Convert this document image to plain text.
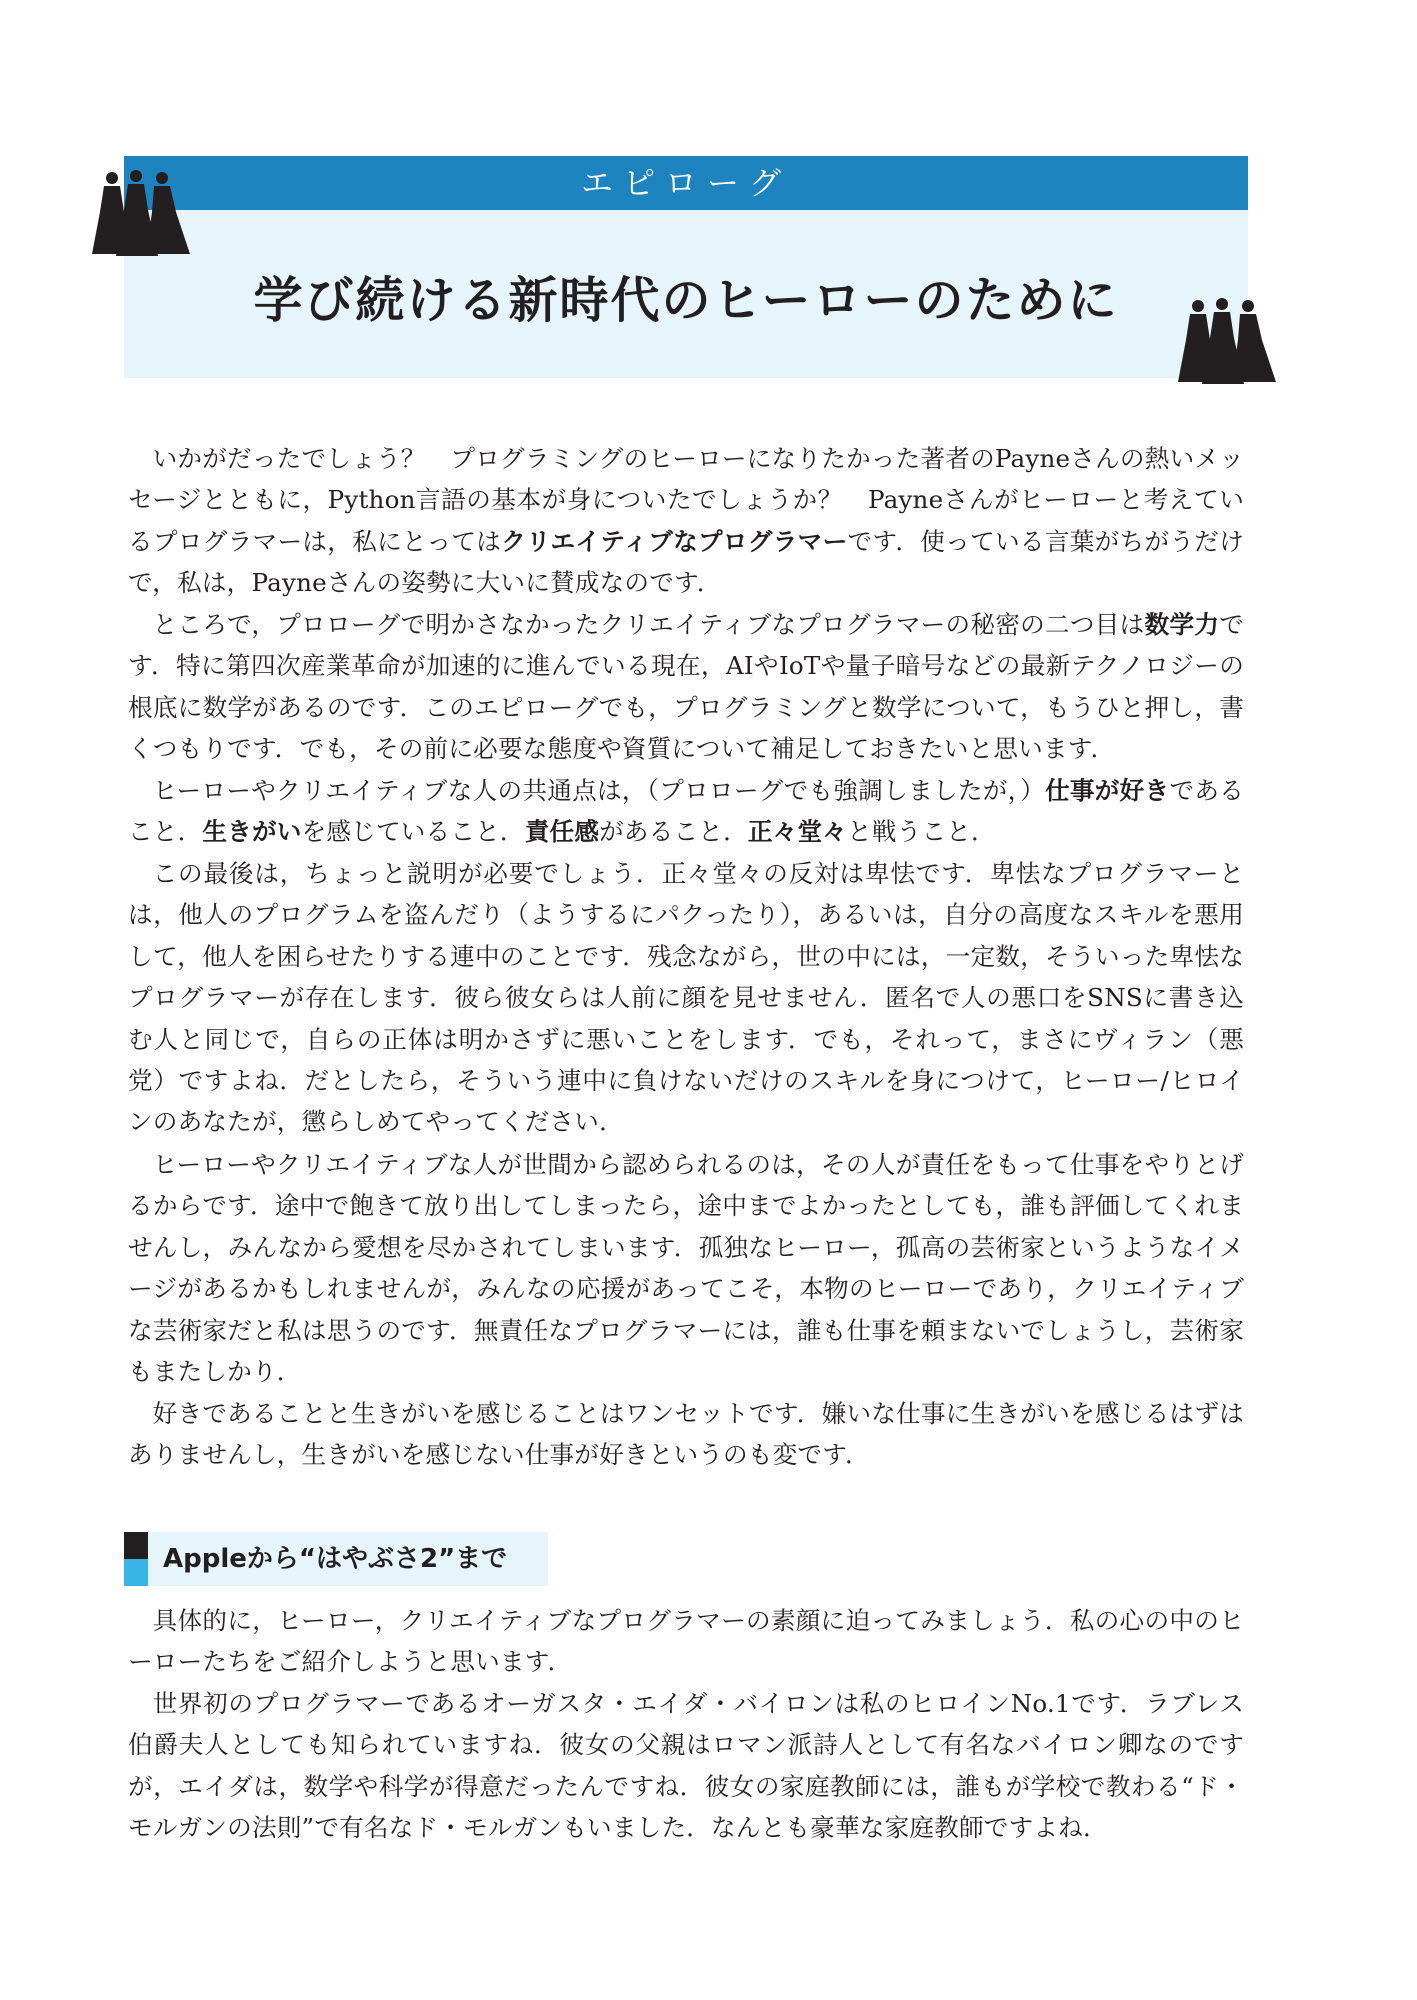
エピローグ
学び続ける新時代のヒーローのために

いかがだったでしょう？　プログラミングのヒーローになりたかった著者のPayneさんの熱いメッセージとともに，Python言語の基本が身についたでしょうか？　Payneさんがヒーローと考えているプログラマーは，私にとってはクリエイティブなプログラマーです．使っている言葉がちがうだけで，私は，Payneさんの姿勢に大いに賛成なのです．

ところで，プロローグで明かさなかったクリエイティブなプログラマーの秘密の二つ目は数学力です．特に第四次産業革命が加速的に進んでいる現在，AIやIoTや量子暗号などの最新テクノロジーの根底に数学があるのです．このエピローグでも，プログラミングと数学について，もうひと押し，書くつもりです．でも，その前に必要な態度や資質について補足しておきたいと思います．

ヒーローやクリエイティブな人の共通点は，（プロローグでも強調しましたが，）仕事が好きであること．生きがいを感じていること．責任感があること．正々堂々と戦うこと．

この最後は，ちょっと説明が必要でしょう．正々堂々の反対は卑怯です．卑怯なプログラマーとは，他人のプログラムを盗んだり（ようするにパクったり），あるいは，自分の高度なスキルを悪用して，他人を困らせたりする連中のことです．残念ながら，世の中には，一定数，そういった卑怯なプログラマーが存在します．彼ら彼女らは人前に顔を見せません．匿名で人の悪口をSNSに書き込む人と同じで，自らの正体は明かさずに悪いことをします．でも，それって，まさにヴィラン（悪党）ですよね．だとしたら，そういう連中に負けないだけのスキルを身につけて，ヒーロー/ヒロインのあなたが，懲らしめてやってください．

ヒーローやクリエイティブな人が世間から認められるのは，その人が責任をもって仕事をやりとげるからです．途中で飽きて放り出してしまったら，途中までよかったとしても，誰も評価してくれませんし，みんなから愛想を尽かされてしまいます．孤独なヒーロー，孤高の芸術家というようなイメージがあるかもしれませんが，みんなの応援があってこそ，本物のヒーローであり，クリエイティブな芸術家だと私は思うのです．無責任なプログラマーには，誰も仕事を頼まないでしょうし，芸術家もまたしかり．

好きであることと生きがいを感じることはワンセットです．嫌いな仕事に生きがいを感じるはずはありませんし，生きがいを感じない仕事が好きというのも変です．

Appleから“はやぶさ2”まで

具体的に，ヒーロー，クリエイティブなプログラマーの素顔に迫ってみましょう．私の心の中のヒーローたちをご紹介しようと思います．

世界初のプログラマーであるオーガスタ・エイダ・バイロンは私のヒロインNo.1です．ラブレス伯爵夫人としても知られていますね．彼女の父親はロマン派詩人として有名なバイロン卿なのですが，エイダは，数学や科学が得意だったんですね．彼女の家庭教師には，誰もが学校で教わる“ド・モルガンの法則”で有名なド・モルガンもいました．なんとも豪華な家庭教師ですよね．
